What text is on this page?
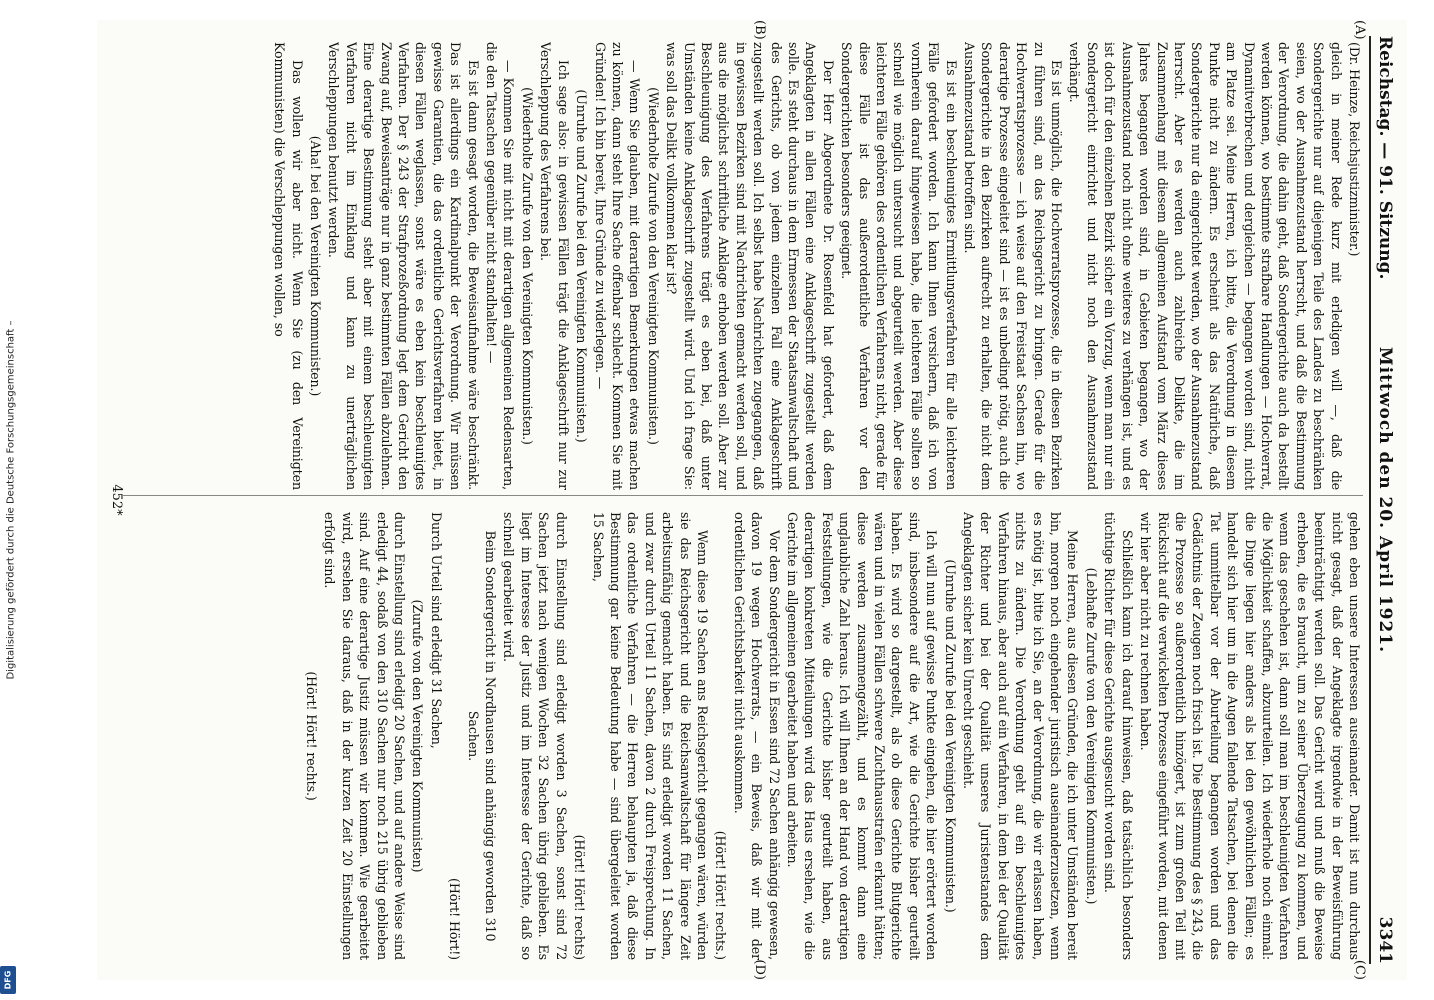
Reichstag. — 91. Sitzung.
Mittwoch den 20. April 1921.
3341
(A)
(B)
(C)
(D)

(Dr. Heinze, Reichsjustizminister.)

gleich in meiner Rede kurz mit erledigen will —, daß die Sondergerichte nur auf diejenigen Teile des Landes zu beschränken seien, wo der Ausnahmezustand herrscht, und daß die Bestimmung der Verordnung, die dahin geht, daß Sondergerichte auch da bestellt werden können, wo bestimmte strafbare Handlungen — Hochverrat, Dynamitverbrechen und dergleichen — begangen worden sind, nicht am Platze sei. Meine Herren, ich bitte, die Verordnung in diesem Punkte nicht zu ändern. Es erscheint als das Natürliche, daß Sondergerichte nur da eingerichtet werden, wo der Ausnahmezustand herrscht. Aber es werden auch zahlreiche Delikte, die im Zusammenhang mit diesem allgemeinen Aufstand vom März dieses Jahres begangen worden sind, in Gebieten begangen, wo der Ausnahmezustand noch nicht ohne weiteres zu verhängen ist, und es ist doch für den einzelnen Bezirk sicher ein Vorzug, wenn man nur ein Sondergericht einrichtet und nicht noch den Ausnahmezustand verhängt.

Es ist unmöglich, die Hochverratsprozesse, die in diesen Bezirken zu führen sind, an das Reichsgericht zu bringen. Gerade für die Hochverratsprozesse — ich weise auf den Freistaat Sachsen hin, wo derartige Prozesse eingeleitet sind — ist es unbedingt nötig, auch die Sondergerichte in den Bezirken aufrecht zu erhalten, die nicht dem Ausnahmezustand betroffen sind.

Es ist ein beschleunigtes Ermittlungsverfahren für alle leichteren Fälle gefordert worden. Ich kann Ihnen versichern, daß ich von vornherein darauf hingewiesen habe, die leichteren Fälle sollten so schnell wie möglich untersucht und abgeurteilt werden. Aber diese leichteren Fälle gehören des ordentlichen Verfahrens nicht, gerade für diese Fälle ist das außerordentliche Verfahren vor den Sondergerichten besonders geeignet.

Der Herr Abgeordnete Dr. Rosenfeld hat gefordert, daß dem Angeklagten in allen Fällen eine Anklageschrift zugestellt werden solle. Es steht durchaus in dem Ermessen der Staatsanwaltschaft und des Gerichts, ob von jedem einzelnen Fall eine Anklageschrift zugestellt werden soll. Ich selbst habe Nachrichten zugegangen, daß in gewissen Bezirken sind mit Nachrichten gemacht werden soll, und aus die möglichst schriftliche Anklage erhoben werden soll. Aber zur Beschleunigung des Verfahrens trägt es eben bei, daß unter Umständen keine Anklageschrift zugestellt wird. Und ich frage Sie: was soll das Delikt vollkommen klar ist?

(Wiederholte Zurufe von den Vereinigten Kommunisten.)

— Wenn Sie glauben, mit derartigen Bemerkungen etwas machen zu können, dann steht Ihre Sache offenbar schlecht. Kommen Sie mit Gründen! Ich bin bereit, Ihre Gründe zu widerlegen. —

(Unruhe und Zurufe bei den Vereinigten Kommunisten.)

Ich sage also: in gewissen Fällen trägt die Anklageschrift nur zur Verschleppung des Verfahrens bei.

(Wiederholte Zurufe von den Vereinigten Kommunisten.)

— Kommen Sie mit nicht mit derartigen allgemeinen Redensarten, die den Tatsachen gegenüber nicht standhalten! —

Es ist dann gesagt worden, die Beweisaufnahme wäre beschränkt. Das ist allerdings ein Kardinalpunkt der Verordnung. Wir müssen gewisse Garantien, die das ordentliche Gerichtsverfahren bietet, in diesen Fällen weglassen, sonst wäre es eben kein beschleunigtes Verfahren. Der § 243 der Strafprozeßordnung legt dem Gericht den Zwang auf, Beweisanträge nur in ganz bestimmten Fällen abzulehnen. Eine derartige Bestimmung steht aber mit einem beschleunigten Verfahren nicht im Einklang und kann zu unerträglichen Verschleppungen benutzt werden.

(Aha! bei den Vereinigten Kommunisten.)

Das wollen wir aber nicht. Wenn Sie (zu den Vereinigten Kommunisten) die Verschleppungen wollen, so

gehen eben unsere Interessen auseinander. Damit ist nun durchaus nicht gesagt, daß der Angeklagte irgendwie in der Beweisführung beeinträchtigt werden soll. Das Gericht wird und muß die Beweise erheben, die es braucht, um zu seiner Überzeugung zu kommen, und wenn das geschehen ist, dann soll man im beschleunigten Verfahren die Möglichkeit schaffen, abzuurteilen. Ich wiederhole noch einmal: die Dinge liegen hier anders als bei den gewöhnlichen Fällen; es handelt sich hier um in die Augen fallende Tatsachen, bei denen die Tat unmittelbar vor der Aburteilung begangen worden und das Gedächtnis der Zeugen noch frisch ist. Die Bestimmung des § 243, die die Prozesse so außerordentlich hinzögert, ist zum großen Teil mit Rücksicht auf die verwickelten Prozesse eingeführt worden, mit denen wir hier aber nicht zu rechnen haben.

Schließlich kann ich darauf hinweisen, daß tatsächlich besonders tüchtige Richter für diese Gerichte ausgesucht worden sind.

(Lebhafte Zurufe von den Vereinigten Kommunisten.)

Meine Herren, aus diesen Gründen, die ich unter Umständen bereit bin, morgen noch eingehender juristisch auseinanderzusetzen, wenn es nötig ist, bitte ich Sie, an der Verordnung, die wir erlassen haben, nichts zu ändern. Die Verordnung geht auf ein beschleunigtes Verfahren hinaus, aber auch auf ein Verfahren, in dem bei der Qualität der Richter und bei der Qualität unseres Juristenstandes dem Angeklagten sicher kein Unrecht geschieht.

(Unruhe und Zurufe bei den Vereinigten Kommunisten.)

Ich will nun auf gewisse Punkte eingehen, die hier erörtert worden sind, insbesondere auf die Art, wie die Gerichte bisher geurteilt haben. Es wird so dargestellt, als ob diese Gerichte Blutgerichte wären und in vielen Fällen schwere Zuchthausstrafen erkannt hätten; diese werden zusammengezählt, und es kommt dann eine unglaubliche Zahl heraus. Ich will Ihnen an der Hand von derartigen Feststellungen, wie die Gerichte bisher geurteilt haben, aus derartigen konkreten Mitteilungen wird das Haus ersehen, wie die Gerichte im allgemeinen gearbeitet haben und arbeiten.

Vor dem Sondergericht in Essen sind 72 Sachen anhängig gewesen, davon 19 wegen Hochverrats, — ein Beweis, daß wir mit der ordentlichen Gerichtsbarkeit nicht auskommen.

(Hört! Hört! rechts.)

Wenn diese 19 Sachen ans Reichsgericht gegangen wären, würden sie das Reichsgericht und die Reichsanwaltschaft für längere Zeit arbeitsunfähig gemacht haben. Es sind erledigt worden 11 Sachen, und zwar durch Urteil 11 Sachen, davon 2 durch Freisprechung. In das ordentliche Verfahren — die Herren behaupten ja, daß diese Bestimmung gar keine Bedeutung habe — sind übergeleitet worden 15 Sachen,

(Hört! Hört! rechts)

durch Einstellung sind erledigt worden 3 Sachen, sonst sind 72 Sachen jetzt nach wenigen Wochen 32 Sachen übrig geblieben. Es liegt im Interesse der Justiz und im Interesse der Gerichte, daß so schnell gearbeitet wird.

Beim Sondergericht in Nordhausen sind anhängig geworden 310 Sachen.

(Hört! Hört!)

Durch Urteil sind erledigt 31 Sachen,

(Zurufe von den Vereinigten Kommunisten)

durch Einstellung sind erledigt 20 Sachen, und auf andere Weise sind erledigt 44, sodaß von den 310 Sachen nur noch 215 übrig geblieben sind. Auf eine derartige Justiz müssen wir kommen. Wie gearbeitet wird, ersehen Sie daraus, daß in der kurzen Zeit 20 Einstellungen erfolgt sind.

(Hört! Hört! rechts.)

452*
Digitalisierung gefördert durch die Deutsche Forschungsgemeinschaft –
DFG
